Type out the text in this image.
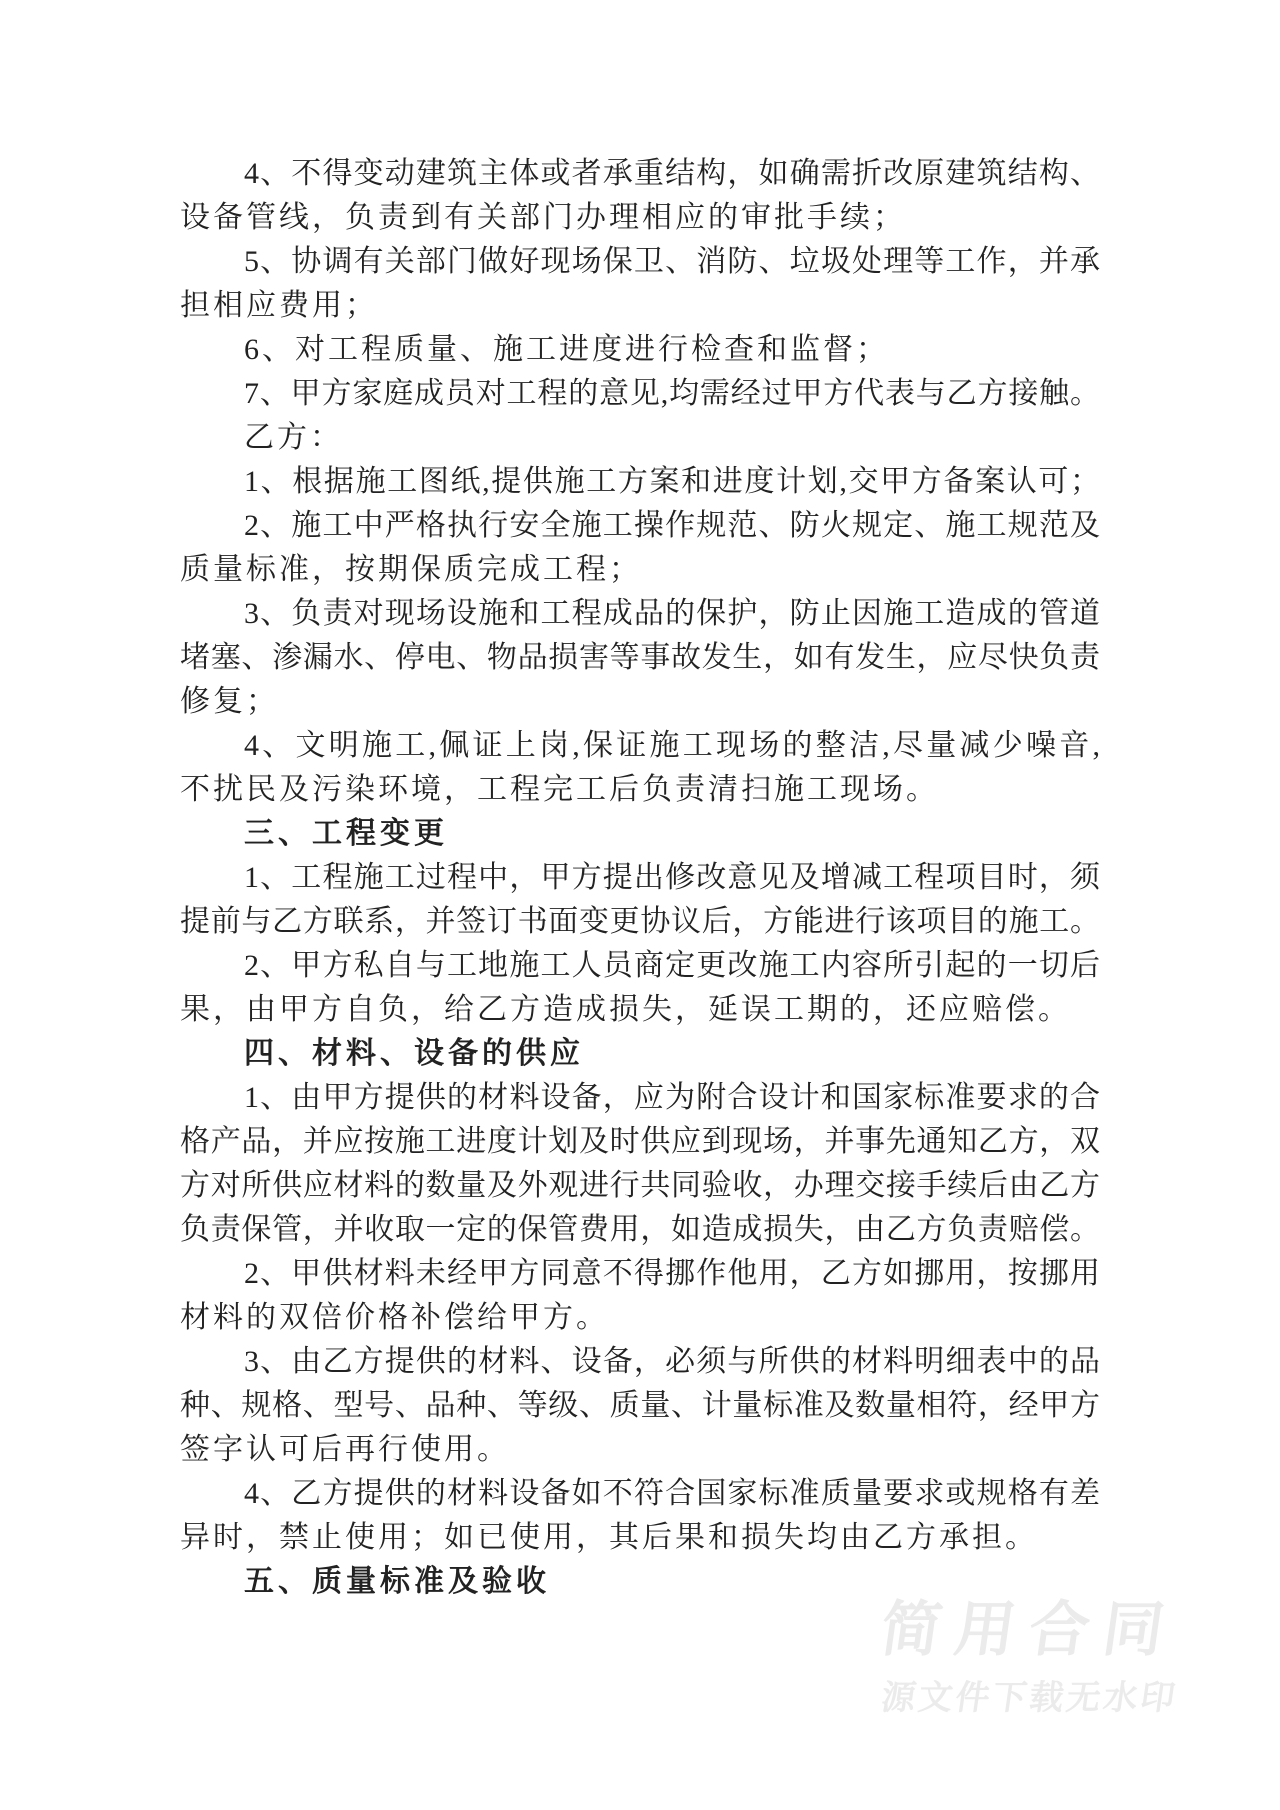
简用合同
源文件下载无水印
4、不得变动建筑主体或者承重结构，如确需折改原建筑结构、
设备管线，负责到有关部门办理相应的审批手续；
5、协调有关部门做好现场保卫、消防、垃圾处理等工作，并承
担相应费用；
6、对工程质量、施工进度进行检查和监督；
7、甲方家庭成员对工程的意见,均需经过甲方代表与乙方接触。
乙方：
1、根据施工图纸,提供施工方案和进度计划,交甲方备案认可；
2、施工中严格执行安全施工操作规范、防火规定、施工规范及
质量标准，按期保质完成工程；
3、负责对现场设施和工程成品的保护，防止因施工造成的管道
堵塞、渗漏水、停电、物品损害等事故发生，如有发生，应尽快负责
修复；
4、文明施工,佩证上岗,保证施工现场的整洁,尽量减少噪音,
不扰民及污染环境，工程完工后负责清扫施工现场。
三、工程变更
1、工程施工过程中，甲方提出修改意见及增减工程项目时，须
提前与乙方联系，并签订书面变更协议后，方能进行该项目的施工。
2、甲方私自与工地施工人员商定更改施工内容所引起的一切后
果，由甲方自负，给乙方造成损失，延误工期的，还应赔偿。
四、材料、设备的供应
1、由甲方提供的材料设备，应为附合设计和国家标准要求的合
格产品，并应按施工进度计划及时供应到现场，并事先通知乙方，双
方对所供应材料的数量及外观进行共同验收，办理交接手续后由乙方
负责保管，并收取一定的保管费用，如造成损失，由乙方负责赔偿。
2、甲供材料未经甲方同意不得挪作他用，乙方如挪用，按挪用
材料的双倍价格补偿给甲方。
3、由乙方提供的材料、设备，必须与所供的材料明细表中的品
种、规格、型号、品种、等级、质量、计量标准及数量相符，经甲方
签字认可后再行使用。
4、乙方提供的材料设备如不符合国家标准质量要求或规格有差
异时，禁止使用；如已使用，其后果和损失均由乙方承担。
五、质量标准及验收
